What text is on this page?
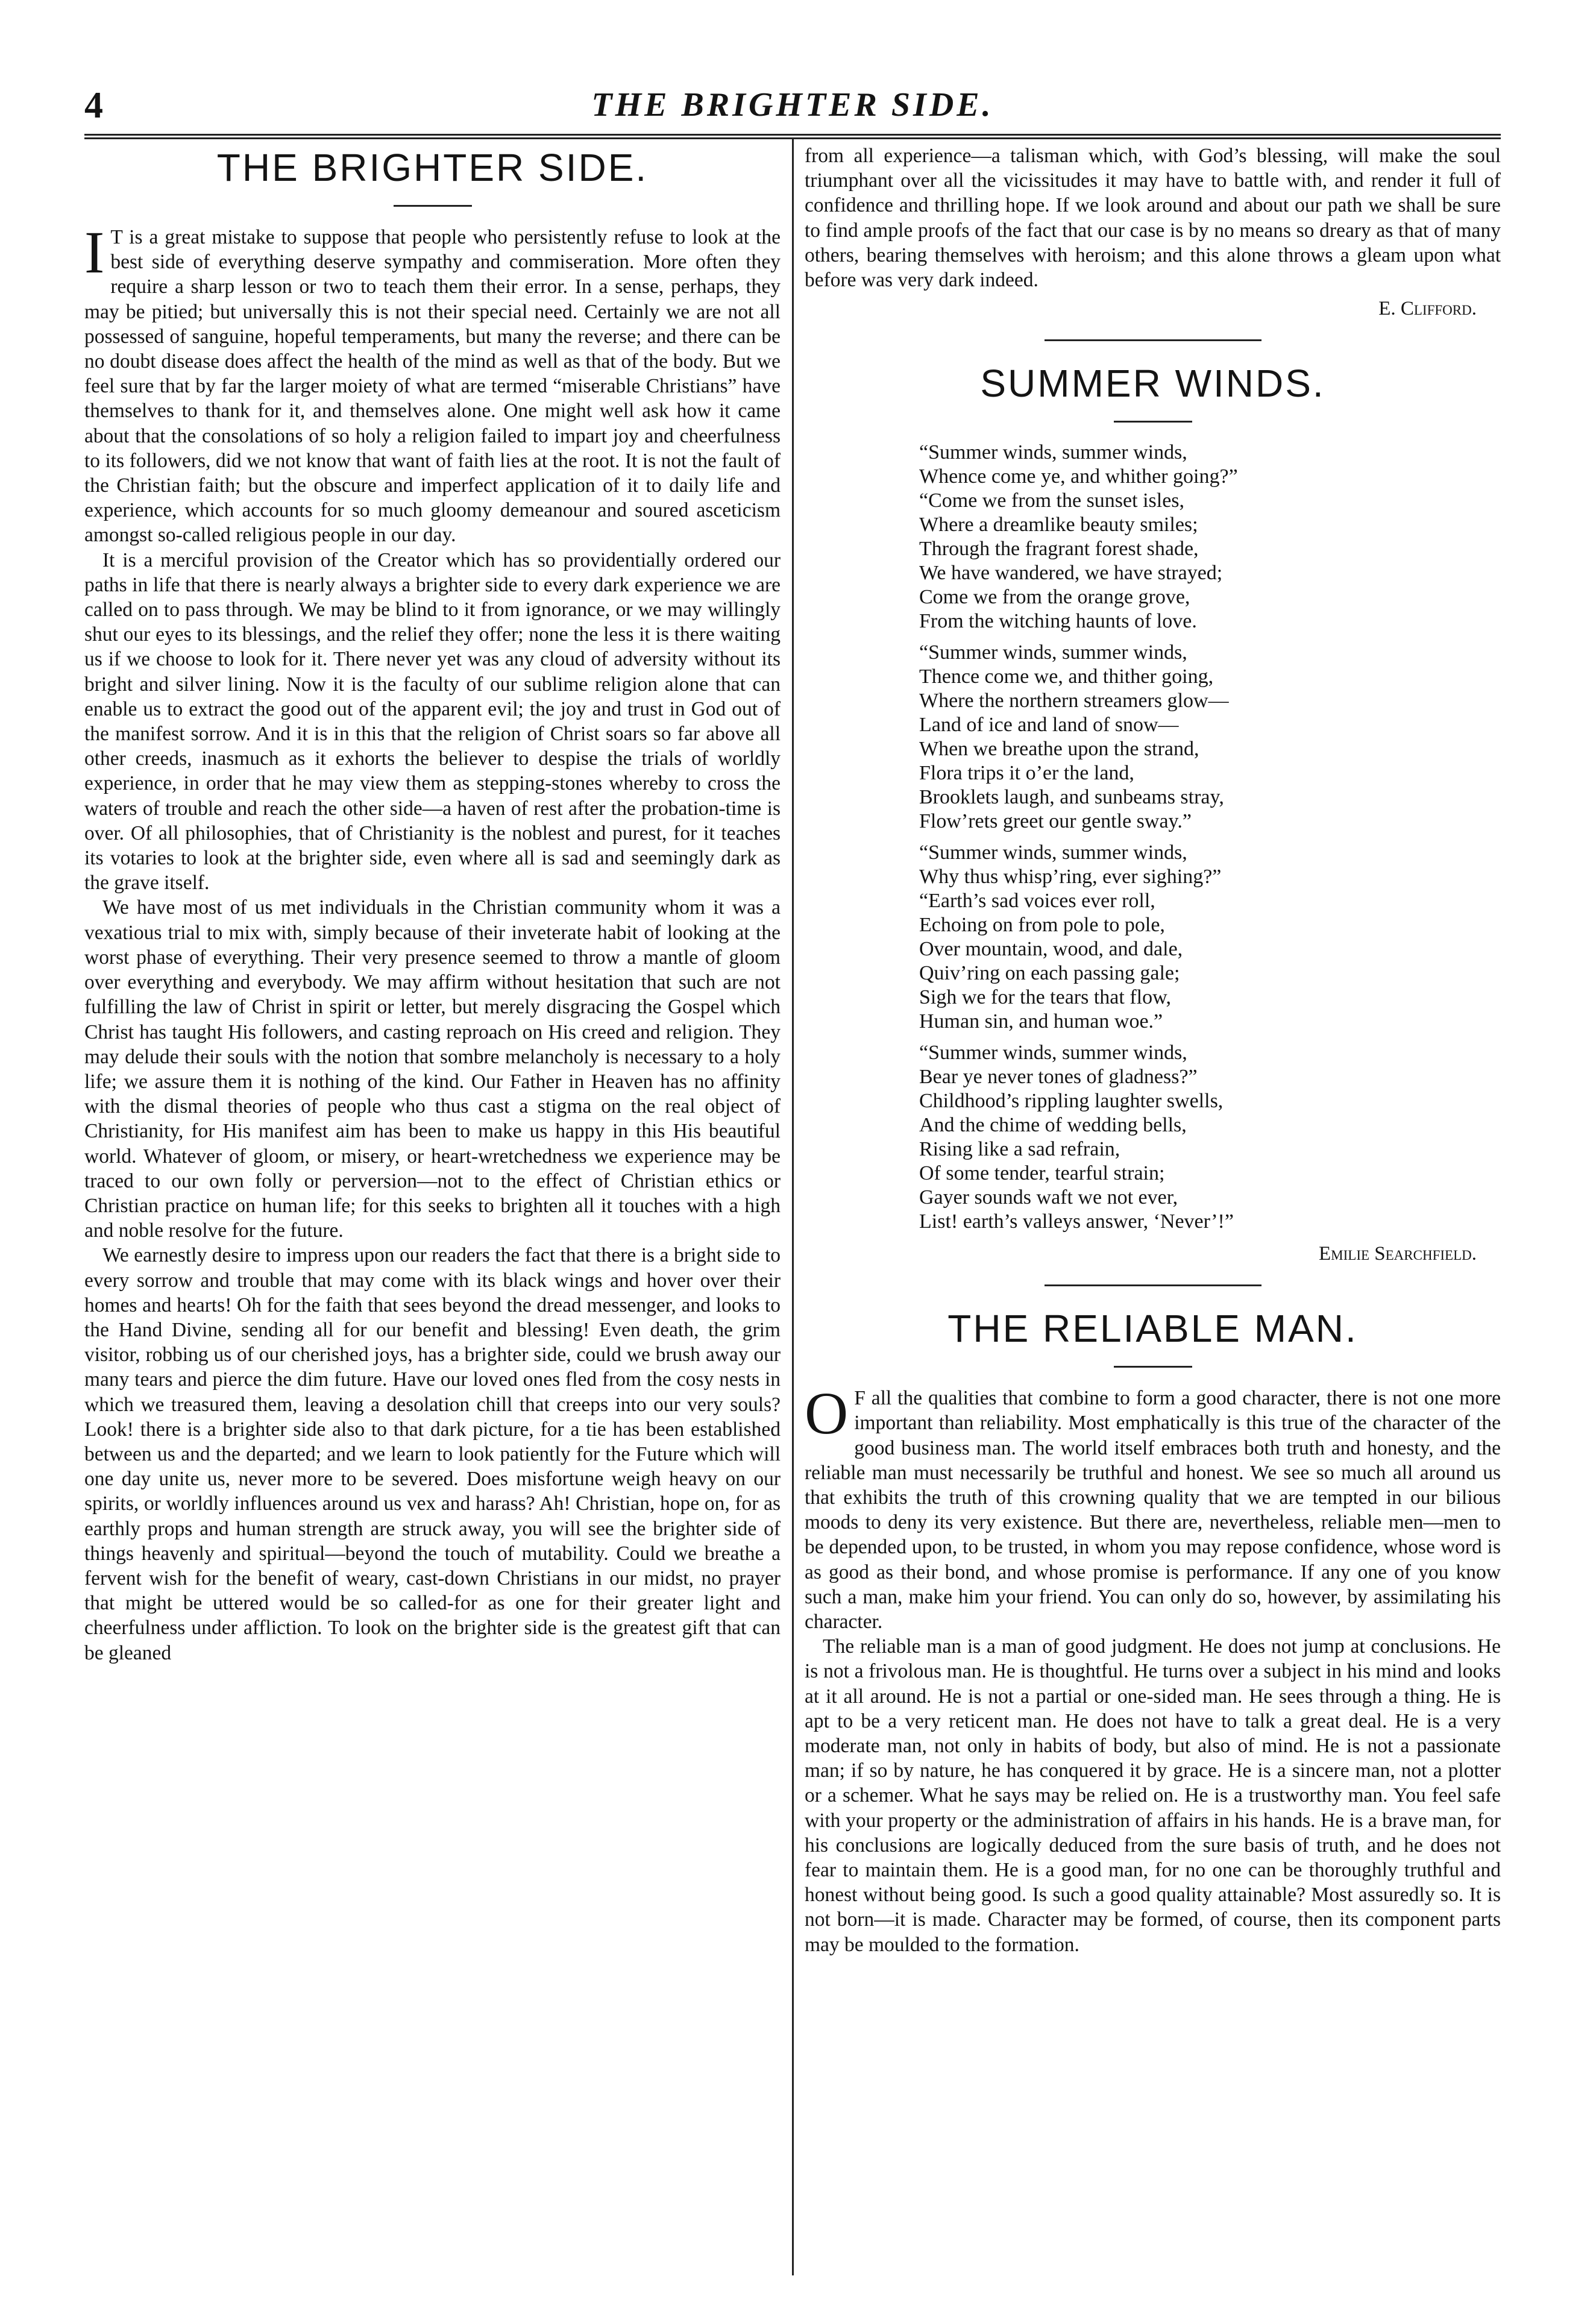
4	THE BRIGHTER SIDE.
THE BRIGHTER SIDE.

I T is a great mistake to suppose that people who persistently refuse to look at the best side of everything deserve sympathy and commiseration. More often they require a sharp lesson or two to teach them their error. In a sense, perhaps, they may be pitied; but universally this is not their special need. Certainly we are not all possessed of sanguine, hopeful temperaments, but many the reverse; and there can be no doubt disease does affect the health of the mind as well as that of the body. But we feel sure that by far the larger moiety of what are termed “miserable Christians” have themselves to thank for it, and themselves alone. One might well ask how it came about that the consolations of so holy a religion failed to impart joy and cheerfulness to its followers, did we not know that want of faith lies at the root. It is not the fault of the Christian faith; but the obscure and imperfect application of it to daily life and experience, which accounts for so much gloomy demeanour and soured asceticism amongst so-called religious people in our day.

It is a merciful provision of the Creator which has so providentially ordered our paths in life that there is nearly always a brighter side to every dark experience we are called on to pass through. We may be blind to it from ignorance, or we may willingly shut our eyes to its blessings, and the relief they offer; none the less it is there waiting us if we choose to look for it. There never yet was any cloud of adversity without its bright and silver lining. Now it is the faculty of our sublime religion alone that can enable us to extract the good out of the apparent evil; the joy and trust in God out of the manifest sorrow. And it is in this that the religion of Christ soars so far above all other creeds, inasmuch as it exhorts the believer to despise the trials of worldly experience, in order that he may view them as stepping-stones whereby to cross the waters of trouble and reach the other side—a haven of rest after the probation-time is over. Of all philosophies, that of Christianity is the noblest and purest, for it teaches its votaries to look at the brighter side, even where all is sad and seemingly dark as the grave itself.

We have most of us met individuals in the Christian community whom it was a vexatious trial to mix with, simply because of their inveterate habit of looking at the worst phase of everything. Their very presence seemed to throw a mantle of gloom over everything and everybody. We may affirm without hesitation that such are not fulfilling the law of Christ in spirit or letter, but merely disgracing the Gospel which Christ has taught His followers, and casting reproach on His creed and religion. They may delude their souls with the notion that sombre melancholy is necessary to a holy life; we assure them it is nothing of the kind. Our Father in Heaven has no affinity with the dismal theories of people who thus cast a stigma on the real object of Christianity, for His manifest aim has been to make us happy in this His beautiful world. Whatever of gloom, or misery, or heart-wretchedness we experience may be traced to our own folly or perversion—not to the effect of Christian ethics or Christian practice on human life; for this seeks to brighten all it touches with a high and noble resolve for the future.

We earnestly desire to impress upon our readers the fact that there is a bright side to every sorrow and trouble that may come with its black wings and hover over their homes and hearts! Oh for the faith that sees beyond the dread messenger, and looks to the Hand Divine, sending all for our benefit and blessing! Even death, the grim visitor, robbing us of our cherished joys, has a brighter side, could we brush away our many tears and pierce the dim future. Have our loved ones fled from the cosy nests in which we treasured them, leaving a desolation chill that creeps into our very souls? Look! there is a brighter side also to that dark picture, for a tie has been established between us and the departed; and we learn to look patiently for the Future which will one day unite us, never more to be severed. Does misfortune weigh heavy on our spirits, or worldly influences around us vex and harass? Ah! Christian, hope on, for as earthly props and human strength are struck away, you will see the brighter side of things heavenly and spiritual—beyond the touch of mutability. Could we breathe a fervent wish for the benefit of weary, cast-down Christians in our midst, no prayer that might be uttered would be so called-for as one for their greater light and cheerfulness under affliction. To look on the brighter side is the greatest gift that can be gleaned

from all experience—a talisman which, with God’s blessing, will make the soul triumphant over all the vicissitudes it may have to battle with, and render it full of confidence and thrilling hope. If we look around and about our path we shall be sure to find ample proofs of the fact that our case is by no means so dreary as that of many others, bearing themselves with heroism; and this alone throws a gleam upon what before was very dark indeed.

E. Clifford.
SUMMER WINDS.
“Summer winds, summer winds,
Whence come ye, and whither going?”
“Come we from the sunset isles,
Where a dreamlike beauty smiles;
Through the fragrant forest shade,
We have wandered, we have strayed;
Come we from the orange grove,
From the witching haunts of love.
“Summer winds, summer winds,
Thence come we, and thither going,
Where the northern streamers glow—
Land of ice and land of snow—
When we breathe upon the strand,
Flora trips it o’er the land,
Brooklets laugh, and sunbeams stray,
Flow’rets greet our gentle sway.”
“Summer winds, summer winds,
Why thus whisp’ring, ever sighing?”
“Earth’s sad voices ever roll,
Echoing on from pole to pole,
Over mountain, wood, and dale,
Quiv’ring on each passing gale;
Sigh we for the tears that flow,
Human sin, and human woe.”
“Summer winds, summer winds,
Bear ye never tones of gladness?”
Childhood’s rippling laughter swells,
And the chime of wedding bells,
Rising like a sad refrain,
Of some tender, tearful strain;
Gayer sounds waft we not ever,
List! earth’s valleys answer, ‘Never’!”
Emilie Searchfield.
THE RELIABLE MAN.

O F all the qualities that combine to form a good character, there is not one more important than reliability. Most emphatically is this true of the character of the good business man. The world itself embraces both truth and honesty, and the reliable man must necessarily be truthful and honest. We see so much all around us that exhibits the truth of this crowning quality that we are tempted in our bilious moods to deny its very existence. But there are, nevertheless, reliable men—men to be depended upon, to be trusted, in whom you may repose confidence, whose word is as good as their bond, and whose promise is performance. If any one of you know such a man, make him your friend. You can only do so, however, by assimilating his character.

The reliable man is a man of good judgment. He does not jump at conclusions. He is not a frivolous man. He is thoughtful. He turns over a subject in his mind and looks at it all around. He is not a partial or one-sided man. He sees through a thing. He is apt to be a very reticent man. He does not have to talk a great deal. He is a very moderate man, not only in habits of body, but also of mind. He is not a passionate man; if so by nature, he has conquered it by grace. He is a sincere man, not a plotter or a schemer. What he says may be relied on. He is a trustworthy man. You feel safe with your property or the administration of affairs in his hands. He is a brave man, for his conclusions are logically deduced from the sure basis of truth, and he does not fear to maintain them. He is a good man, for no one can be thoroughly truthful and honest without being good. Is such a good quality attainable? Most assuredly so. It is not born—it is made. Character may be formed, of course, then its component parts may be moulded to the formation.
